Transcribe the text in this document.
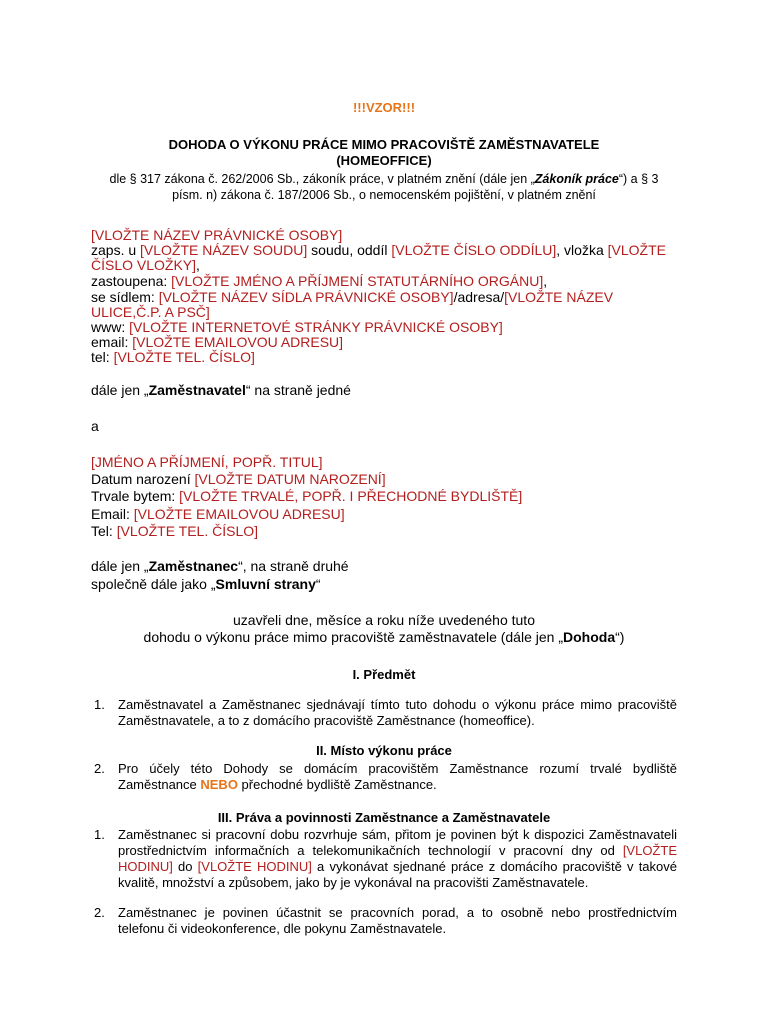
!!!VZOR!!!
DOHODA O VÝKONU PRÁCE MIMO PRACOVIŠTĚ ZAMĚSTNAVATELE
(HOMEOFFICE)
dle § 317 zákona č. 262/2006 Sb., zákoník práce, v platném znění (dále jen „Zákoník práce“) a § 3
písm. n) zákona č. 187/2006 Sb., o nemocenském pojištění, v platném znění
[VLOŽTE NÁZEV PRÁVNICKÉ OSOBY]
zaps. u [VLOŽTE NÁZEV SOUDU] soudu, oddíl [VLOŽTE ČÍSLO ODDÍLU], vložka [VLOŽTE
ČÍSLO VLOŽKY],
zastoupena: [VLOŽTE JMÉNO A PŘÍJMENÍ STATUTÁRNÍHO ORGÁNU],
se sídlem: [VLOŽTE NÁZEV SÍDLA PRÁVNICKÉ OSOBY]/adresa/[VLOŽTE NÁZEV
ULICE,Č.P. A PSČ]
www: [VLOŽTE INTERNETOVÉ STRÁNKY PRÁVNICKÉ OSOBY]
email: [VLOŽTE EMAILOVOU ADRESU]
tel: [VLOŽTE TEL. ČÍSLO]
dále jen „Zaměstnavatel“ na straně jedné
a
[JMÉNO A PŘÍJMENÍ, POPŘ. TITUL]
Datum narození [VLOŽTE DATUM NAROZENÍ]
Trvale bytem: [VLOŽTE TRVALÉ, POPŘ. I PŘECHODNÉ BYDLIŠTĚ]
Email: [VLOŽTE EMAILOVOU ADRESU]
Tel: [VLOŽTE TEL. ČÍSLO]
dále jen „Zaměstnanec“, na straně druhé
společně dále jako „Smluvní strany“
uzavřeli dne, měsíce a roku níže uvedeného tuto
dohodu o výkonu práce mimo pracoviště zaměstnavatele (dále jen „Dohoda“)
I. Předmět
1. Zaměstnavatel a Zaměstnanec sjednávají tímto tuto dohodu o výkonu práce mimo pracoviště Zaměstnavatele, a to z domácího pracoviště Zaměstnance (homeoffice).
II. Místo výkonu práce
2. Pro účely této Dohody se domácím pracovištěm Zaměstnance rozumí trvalé bydliště Zaměstnance NEBO přechodné bydliště Zaměstnance.
III. Práva a povinnosti Zaměstnance a Zaměstnavatele
1. Zaměstnanec si pracovní dobu rozvrhuje sám, přitom je povinen být k dispozici Zaměstnavateli prostřednictvím informačních a telekomunikačních technologií v pracovní dny od [VLOŽTE HODINU] do [VLOŽTE HODINU] a vykonávat sjednané práce z domácího pracoviště v takové kvalitě, množství a způsobem, jako by je vykonával na pracovišti Zaměstnavatele.
2. Zaměstnanec je povinen účastnit se pracovních porad, a to osobně nebo prostřednictvím telefonu či videokonference, dle pokynu Zaměstnavatele.
